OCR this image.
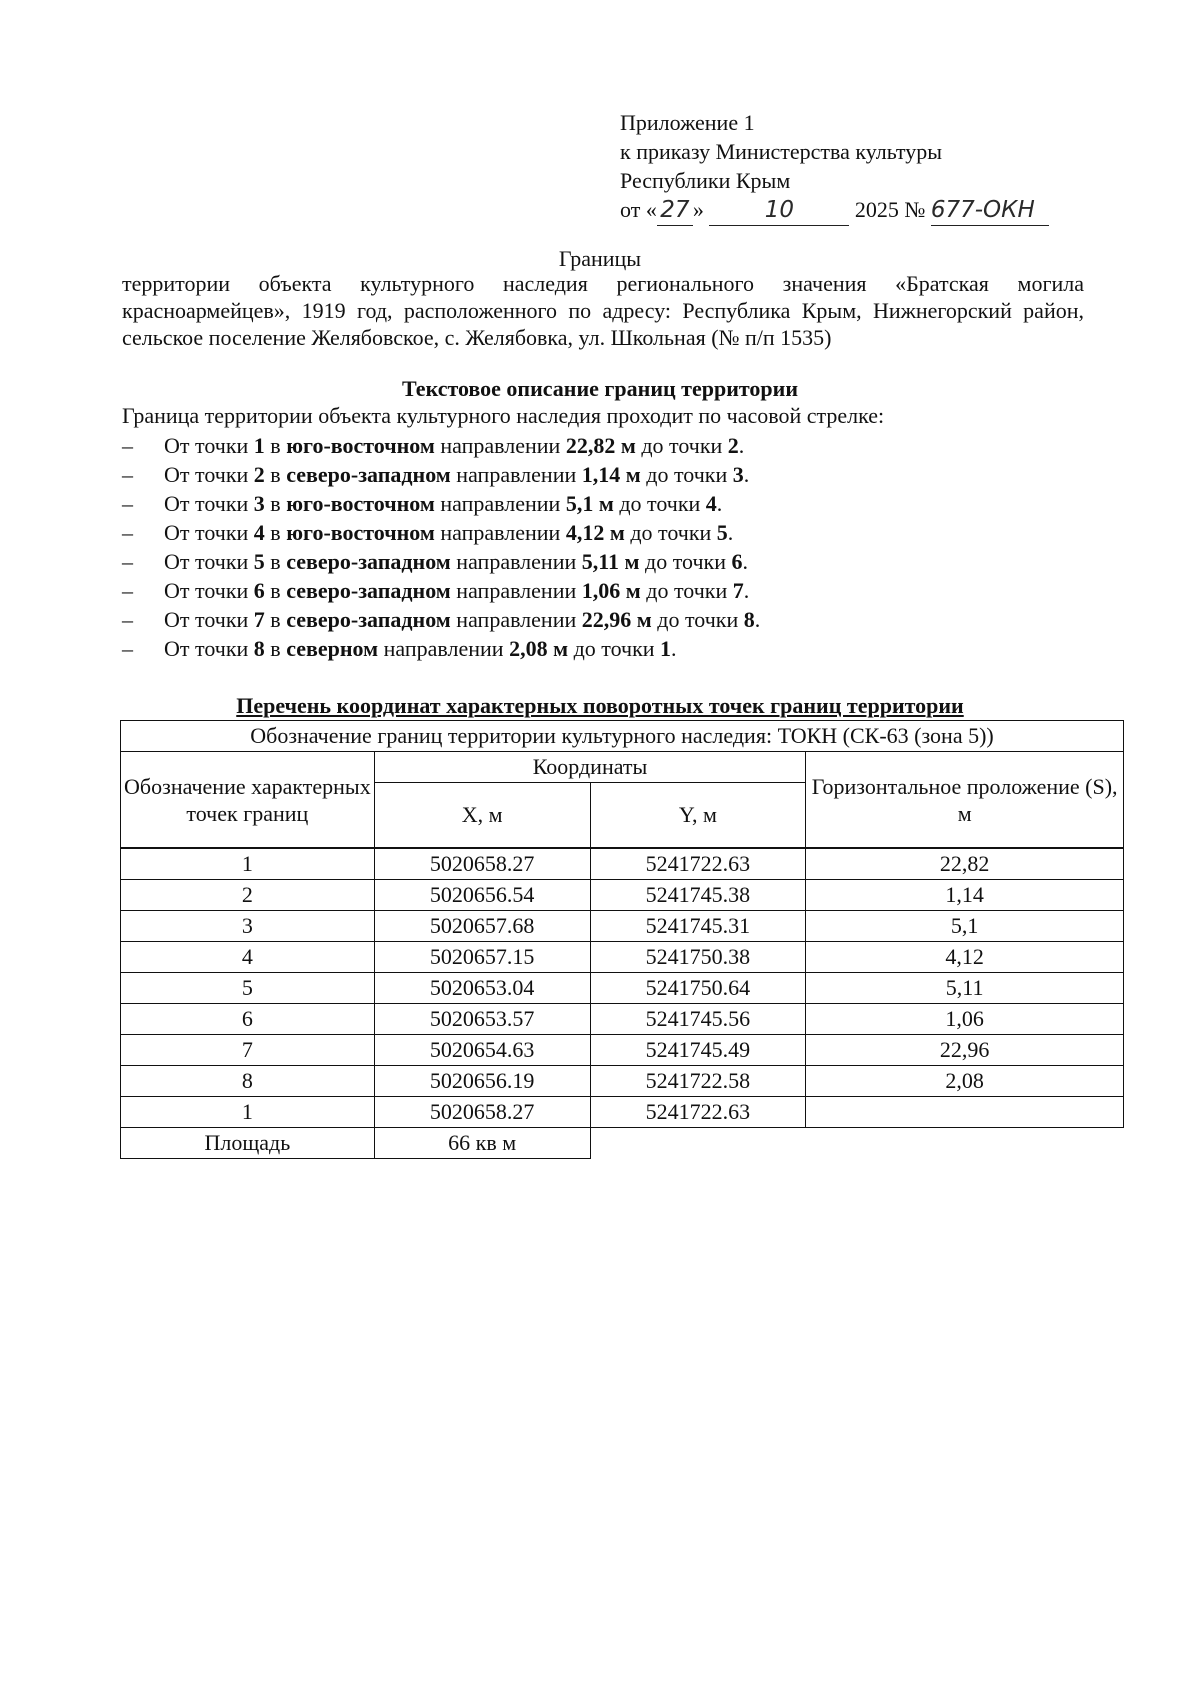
Приложение 1
к приказу Министерства культуры
Республики Крым
от « 27 »	10	2025 № 677-ОКН
Границы
территории объекта культурного наследия регионального значения «Братская могила красноармейцев», 1919 год, расположенного по адресу: Республика Крым, Нижнегорский район, сельское поселение Желябовское, с. Желябовка, ул. Школьная (№ п/п 1535)
Текстовое описание границ территории
Граница территории объекта культурного наследия проходит по часовой стрелке:
– От точки 1 в юго-восточном направлении 22,82 м до точки 2.
– От точки 2 в северо-западном направлении 1,14 м до точки 3.
– От точки 3 в юго-восточном направлении 5,1 м до точки 4.
– От точки 4 в юго-восточном направлении 4,12 м до точки 5.
– От точки 5 в северо-западном направлении 5,11 м до точки 6.
– От точки 6 в северо-западном направлении 1,06 м до точки 7.
– От точки 7 в северо-западном направлении 22,96 м до точки 8.
– От точки 8 в северном направлении 2,08 м до точки 1.
Перечень координат характерных поворотных точек границ территории
Обозначение границ территории культурного наследия: ТОКН (СК-63 (зона 5))			
Обозначение характерных точек границ	Координаты		Горизонтальное проложение (S), м
	X, м	Y, м	
1	5020658.27	5241722.63	22,82
2	5020656.54	5241745.38	1,14
3	5020657.68	5241745.31	5,1
4	5020657.15	5241750.38	4,12
5	5020653.04	5241750.64	5,11
6	5020653.57	5241745.56	1,06
7	5020654.63	5241745.49	22,96
8	5020656.19	5241722.58	2,08
1	5020658.27	5241722.63	
Площадь	66 кв м		
